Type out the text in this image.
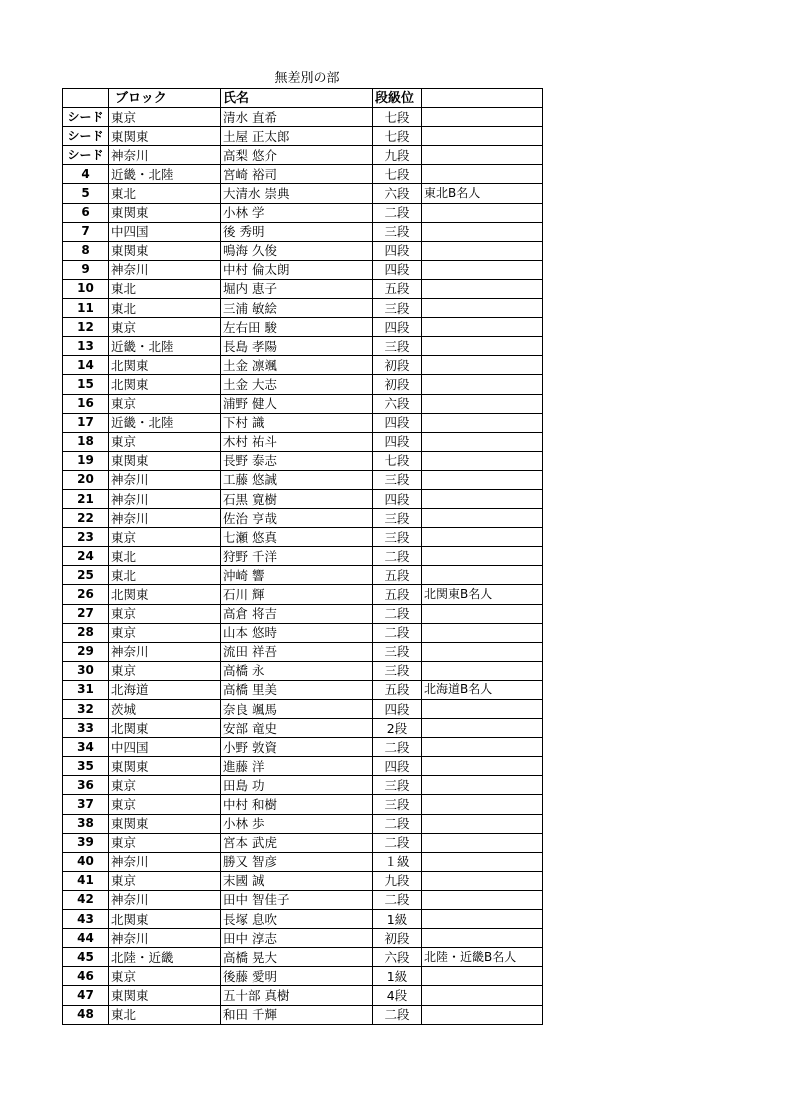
無差別の部
	ブロック	氏名	段級位	
シード	東京	清水 直希	七段	
シード	東関東	土屋 正太郎	七段	
シード	神奈川	高梨 悠介	九段	
4	近畿・北陸	宮崎 裕司	七段	
5	東北	大清水 崇典	六段	東北B名人
6	東関東	小林 学	二段	
7	中四国	後 秀明	三段	
8	東関東	鳴海 久俊	四段	
9	神奈川	中村 倫太朗	四段	
10	東北	堀内 恵子	五段	
11	東北	三浦 敏絵	三段	
12	東京	左右田 駿	四段	
13	近畿・北陸	長島 孝陽	三段	
14	北関東	土金 凛颯	初段	
15	北関東	土金 大志	初段	
16	東京	浦野 健人	六段	
17	近畿・北陸	下村 識	四段	
18	東京	木村 祐斗	四段	
19	東関東	長野 泰志	七段	
20	神奈川	工藤 悠誠	三段	
21	神奈川	石黒 寛樹	四段	
22	神奈川	佐治 亨哉	三段	
23	東京	七瀬 悠真	三段	
24	東北	狩野 千洋	二段	
25	東北	沖崎 響	五段	
26	北関東	石川 輝	五段	北関東B名人
27	東京	高倉 将吉	二段	
28	東京	山本 悠時	二段	
29	神奈川	流田 祥吾	三段	
30	東京	高橋 永	三段	
31	北海道	高橋 里美	五段	北海道B名人
32	茨城	奈良 颯馬	四段	
33	北関東	安部 竜史	2段	
34	中四国	小野 敦資	二段	
35	東関東	進藤 洋	四段	
36	東京	田島 功	三段	
37	東京	中村 和樹	三段	
38	東関東	小林 歩	二段	
39	東京	宮本 武虎	二段	
40	神奈川	勝又 智彦	１級	
41	東京	末國 誠	九段	
42	神奈川	田中 智佳子	二段	
43	北関東	長塚 息吹	1級	
44	神奈川	田中 淳志	初段	
45	北陸・近畿	高橋 晃大	六段	北陸・近畿B名人
46	東京	後藤 愛明	1級	
47	東関東	五十部 真樹	4段	
48	東北	和田 千輝	二段	
